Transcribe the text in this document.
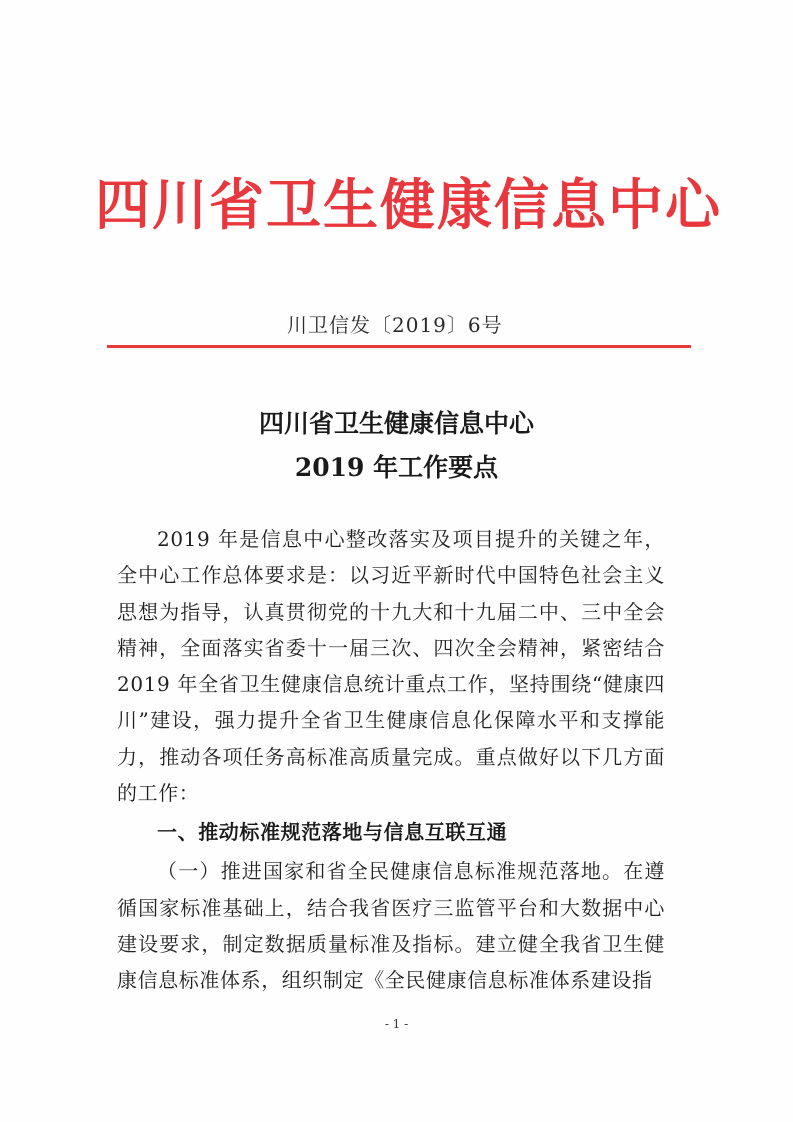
四川省卫生健康信息中心
川卫信发〔2019〕6号
四川省卫生健康信息中心
2019 年工作要点

2019 年是信息中心整改落实及项目提升的关键之年，全中心工作总体要求是：以习近平新时代中国特色社会主义思想为指导，认真贯彻党的十九大和十九届二中、三中全会精神，全面落实省委十一届三次、四次全会精神，紧密结合 2019 年全省卫生健康信息统计重点工作，坚持围绕“健康四川”建设，强力提升全省卫生健康信息化保障水平和支撑能力，推动各项任务高标准高质量完成。重点做好以下几方面的工作：

一、推动标准规范落地与信息互联互通

（一）推进国家和省全民健康信息标准规范落地。在遵循国家标准基础上，结合我省医疗三监管平台和大数据中心建设要求，制定数据质量标准及指标。建立健全我省卫生健康信息标准体系，组织制定《全民健康信息标准体系建设指

- 1 -
